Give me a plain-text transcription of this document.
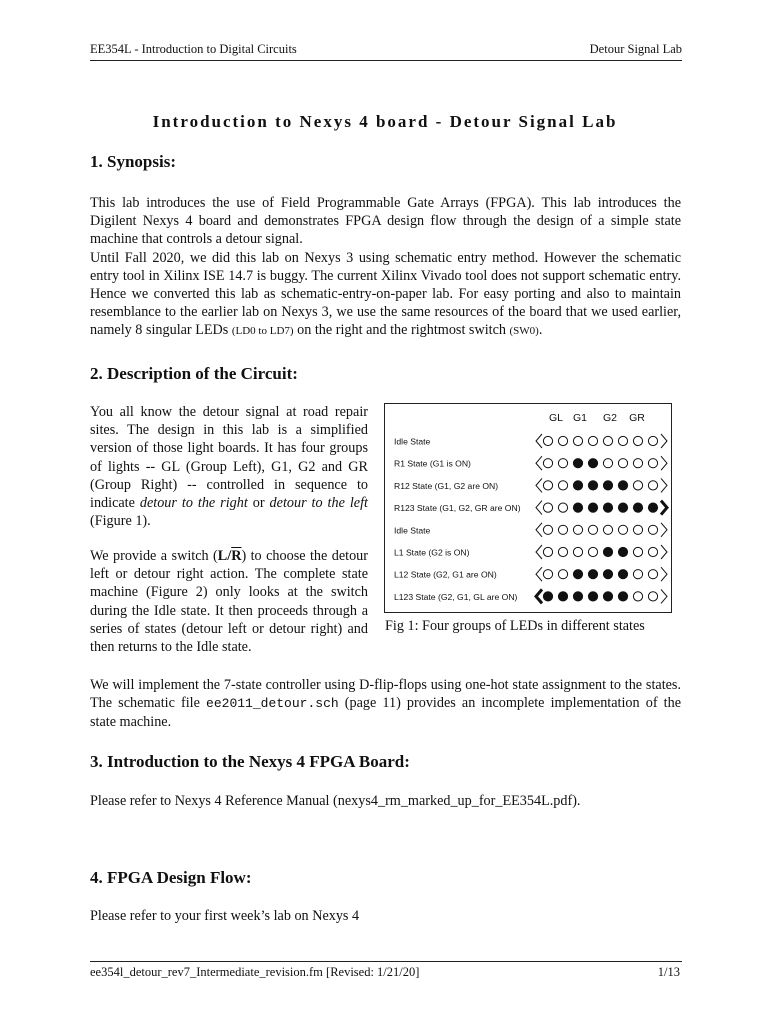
EE354L - Introduction to Digital Circuits	Detour Signal Lab
Introduction to Nexys 4 board - Detour Signal Lab
1. Synopsis:

This lab introduces the use of Field Programmable Gate Arrays (FPGA). This lab introduces the Digilent Nexys 4 board and demonstrates FPGA design flow through the design of a simple state machine that controls a detour signal.

Until Fall 2020, we did this lab on Nexys 3 using schematic entry method. However the schematic entry tool in Xilinx ISE 14.7 is buggy. The current Xilinx Vivado tool does not support schematic entry. Hence we converted this lab as schematic-entry-on-paper lab. For easy porting and also to maintain resemblance to the earlier lab on Nexys 3, we use the same resources of the board that we used earlier, namely 8 singular LEDs (LD0 to LD7) on the right and the rightmost switch (SW0).

2. Description of the Circuit:

You all know the detour signal at road repair sites. The design in this lab is a simplified version of those light boards. It has four groups of lights -- GL (Group Left), G1, G2 and GR (Group Right) -- controlled in sequence to indicate detour to the right or detour to the left (Figure 1).

We provide a switch $(L/\overline{R})$ to choose the detour left or detour right action. The complete state machine (Figure 2) only looks at the switch during the Idle state. It then proceeds through a series of states (detour left or detour right) and then returns to the Idle state.

GL G1 G2 GR
Idle State
R1 State (G1 is ON)
R12 State (G1, G2 are ON)
R123 State (G1, G2, GR are ON)
Idle State
L1 State (G2 is ON)
L12 State (G2, G1 are ON)
L123 State (G2, G1, GL are ON)
Fig 1: Four groups of LEDs in different states

We will implement the 7-state controller using D-flip-flops using one-hot state assignment to the states. The schematic file ee2011_detour.sch (page 11) provides an incomplete implementation of the state machine.

3. Introduction to the Nexys 4 FPGA Board:

Please refer to Nexys 4 Reference Manual (nexys4_rm_marked_up_for_EE354L.pdf).

4. FPGA Design Flow:

Please refer to your first week’s lab on Nexys 4

ee354l_detour_rev7_Intermediate_revision.fm [Revised: 1/21/20]	1/13
